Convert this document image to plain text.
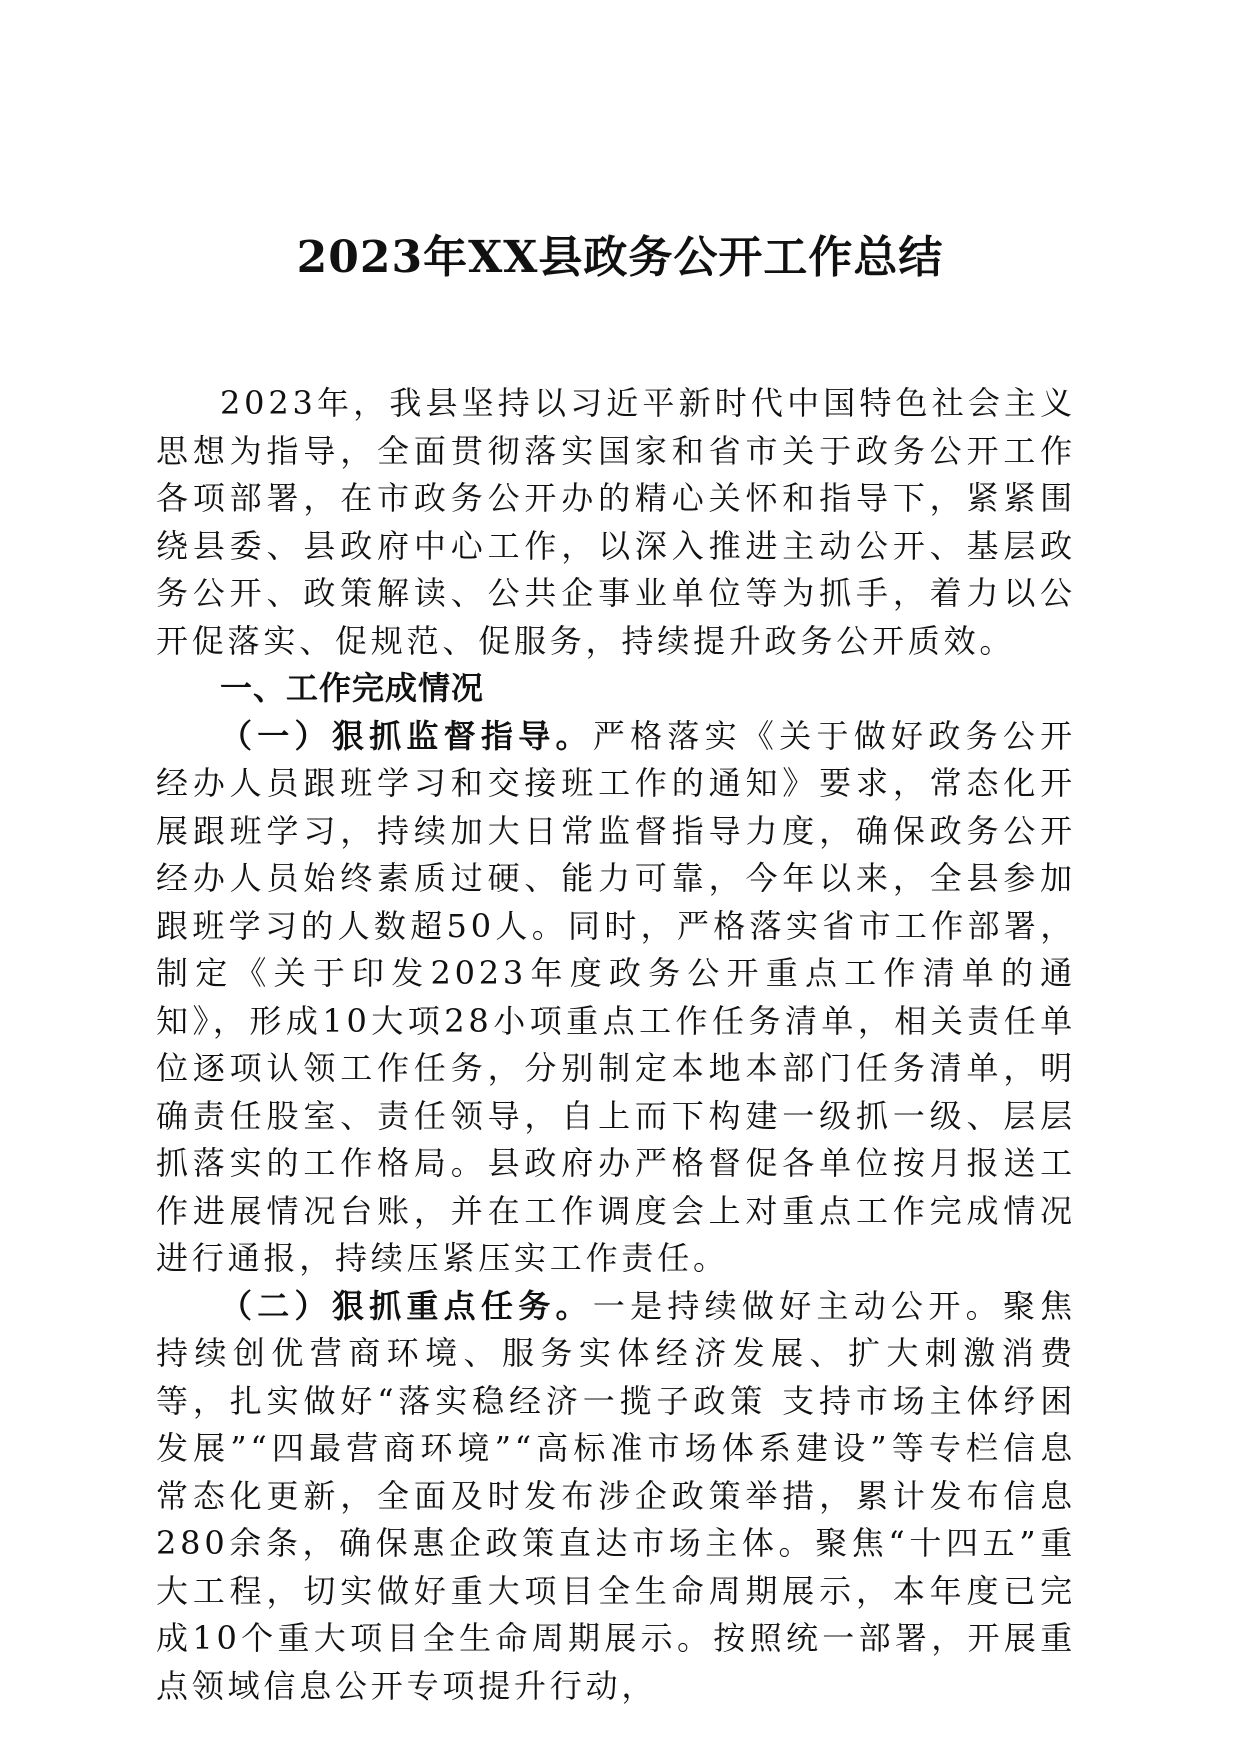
2023年XX县政务公开工作总结

2023年，我县坚持以习近平新时代中国特色社会主义思想为指导，全面贯彻落实国家和省市关于政务公开工作各项部署，在市政务公开办的精心关怀和指导下，紧紧围绕县委、县政府中心工作，以深入推进主动公开、基层政务公开、政策解读、公共企事业单位等为抓手，着力以公开促落实、促规范、促服务，持续提升政务公开质效。

一、工作完成情况

（一）狠抓监督指导。严格落实《关于做好政务公开经办人员跟班学习和交接班工作的通知》要求，常态化开展跟班学习，持续加大日常监督指导力度，确保政务公开经办人员始终素质过硬、能力可靠，今年以来，全县参加跟班学习的人数超50人。同时，严格落实省市工作部署，制定《关于印发2023年度政务公开重点工作清单的通知》，形成10大项28小项重点工作任务清单，相关责任单位逐项认领工作任务，分别制定本地本部门任务清单，明确责任股室、责任领导，自上而下构建一级抓一级、层层抓落实的工作格局。县政府办严格督促各单位按月报送工作进展情况台账，并在工作调度会上对重点工作完成情况进行通报，持续压紧压实工作责任。

（二）狠抓重点任务。一是持续做好主动公开。聚焦持续创优营商环境、服务实体经济发展、扩大刺激消费等，扎实做好“落实稳经济一揽子政策 支持市场主体纾困发展”“四最营商环境”“高标准市场体系建设”等专栏信息常态化更新，全面及时发布涉企政策举措，累计发布信息280余条，确保惠企政策直达市场主体。聚焦“十四五”重大工程，切实做好重大项目全生命周期展示，本年度已完成10个重大项目全生命周期展示。按照统一部署，开展重点领域信息公开专项提升行动，
